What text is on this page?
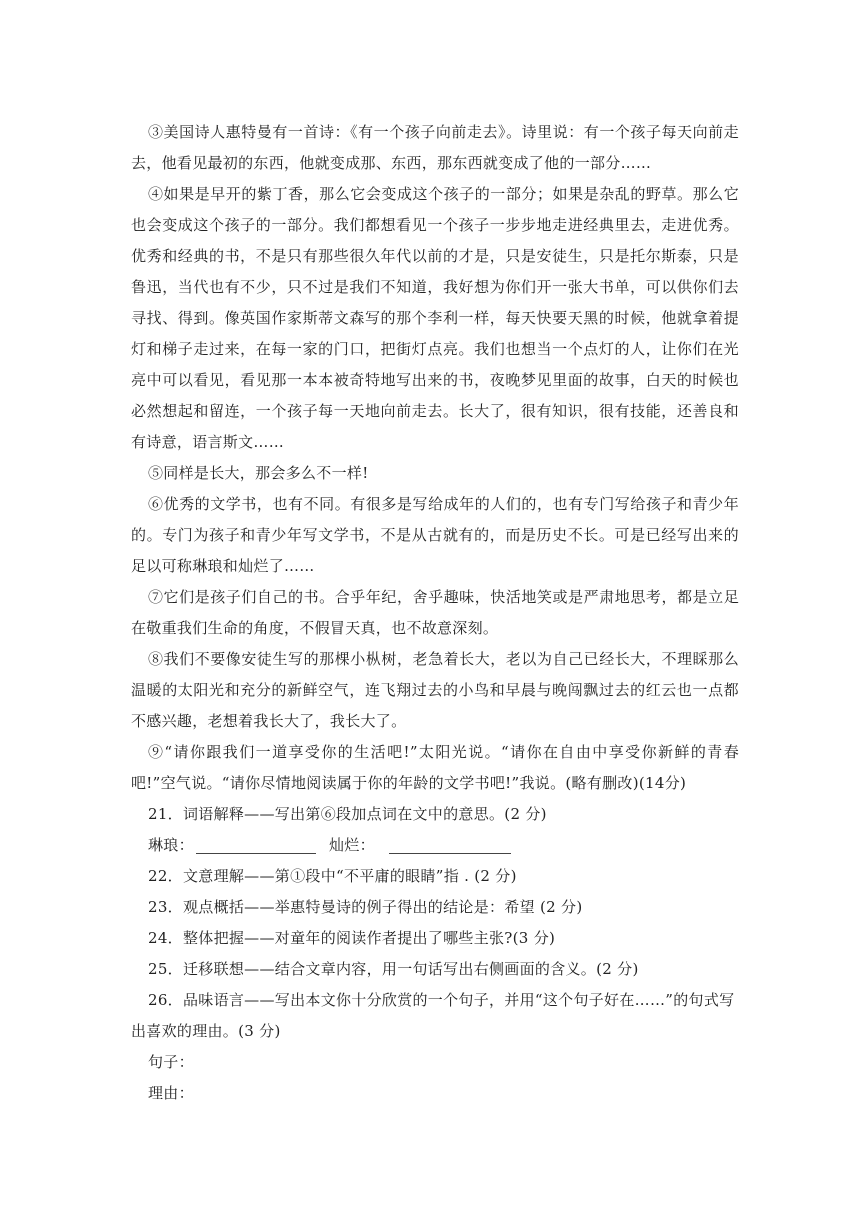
③美国诗人惠特曼有一首诗：《有一个孩子向前走去》。诗里说：有一个孩子每天向前走去，他看见最初的东西，他就变成那、东西，那东西就变成了他的一部分……

④如果是早开的紫丁香，那么它会变成这个孩子的一部分；如果是杂乱的野草。那么它也会变成这个孩子的一部分。我们都想看见一个孩子一步步地走进经典里去，走进优秀。优秀和经典的书，不是只有那些很久年代以前的才是，只是安徒生，只是托尔斯泰，只是鲁迅，当代也有不少，只不过是我们不知道，我好想为你们开一张大书单，可以供你们去寻找、得到。像英国作家斯蒂文森写的那个李利一样，每天快要天黑的时候，他就拿着提灯和梯子走过来，在每一家的门口，把街灯点亮。我们也想当一个点灯的人，让你们在光亮中可以看见，看见那一本本被奇特地写出来的书，夜晚梦见里面的故事，白天的时候也必然想起和留连，一个孩子每一天地向前走去。长大了，很有知识，很有技能，还善良和有诗意，语言斯文……

⑤同样是长大，那会多么不一样!

⑥优秀的文学书，也有不同。有很多是写给成年的人们的，也有专门写给孩子和青少年的。专门为孩子和青少年写文学书，不是从古就有的，而是历史不长。可是已经写出来的足以可称琳琅和灿烂了……

⑦它们是孩子们自己的书。合乎年纪，舍乎趣味，快活地笑或是严肃地思考，都是立足在敬重我们生命的角度，不假冒天真，也不故意深刻。

⑧我们不要像安徒生写的那棵小枞树，老急着长大，老以为自己已经长大，不理睬那么温暖的太阳光和充分的新鲜空气，连飞翔过去的小鸟和早晨与晚闯飘过去的红云也一点都不感兴趣，老想着我长大了，我长大了。

⑨“请你跟我们一道享受你的生活吧!”太阳光说。“请你在自由中享受你新鲜的青春吧!”空气说。“请你尽情地阅读属于你的年龄的文学书吧!”我说。(略有删改)(14分)

21．词语解释——写出第⑥段加点词在文中的意思。(2 分)

琳琅：	灿烂：

22．文意理解——第①段中“不平庸的眼睛”指 . (2 分)

23．观点概括——举惠特曼诗的例子得出的结论是：希望 (2 分)

24．整体把握——对童年的阅读作者提出了哪些主张?(3 分)

25．迁移联想——结合文章内容，用一句话写出右侧画面的含义。(2 分)

26．品味语言——写出本文你十分欣赏的一个句子，并用“这个句子好在……”的句式写出喜欢的理由。(3 分)

句子：

理由：
